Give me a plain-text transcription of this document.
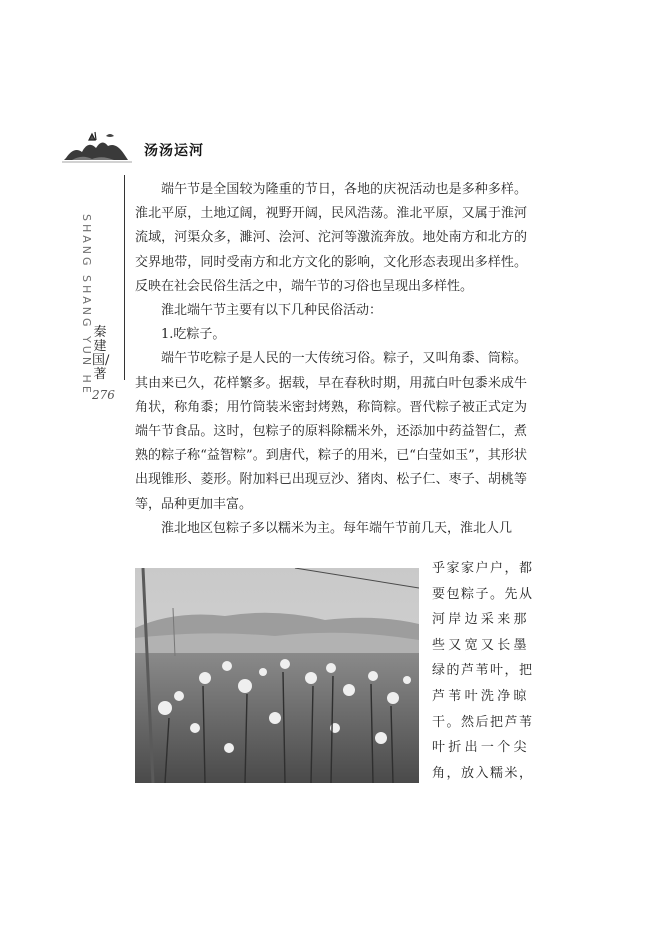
汤汤运河
SHANG SHANG YUN HE 秦建国/著
276

端午节是全国较为隆重的节日，各地的庆祝活动也是多种多样。淮北平原，土地辽阔，视野开阔，民风浩荡。淮北平原，又属于淮河流域，河渠众多，濉河、浍河、沱河等激流奔放。地处南方和北方的交界地带，同时受南方和北方文化的影响，文化形态表现出多样性。反映在社会民俗生活之中，端午节的习俗也呈现出多样性。

淮北端午节主要有以下几种民俗活动：

1.吃粽子。

端午节吃粽子是人民的一大传统习俗。粽子，又叫角黍、筒粽。其由来已久，花样繁多。据载，早在春秋时期，用菰白叶包黍米成牛角状，称角黍；用竹筒装米密封烤熟，称筒粽。晋代粽子被正式定为端午节食品。这时，包粽子的原料除糯米外，还添加中药益智仁，煮熟的粽子称“益智粽”。到唐代，粽子的用米，已“白莹如玉”，其形状出现锥形、菱形。附加料已出现豆沙、猪肉、松子仁、枣子、胡桃等等，品种更加丰富。

淮北地区包粽子多以糯米为主。每年端午节前几天，淮北人几

乎家家户户，都
要包粽子。先从
河岸边采来那
些又宽又长墨
绿的芦苇叶，把
芦苇叶洗净晾
干。然后把芦苇
叶折出一个尖
角，放入糯米，
